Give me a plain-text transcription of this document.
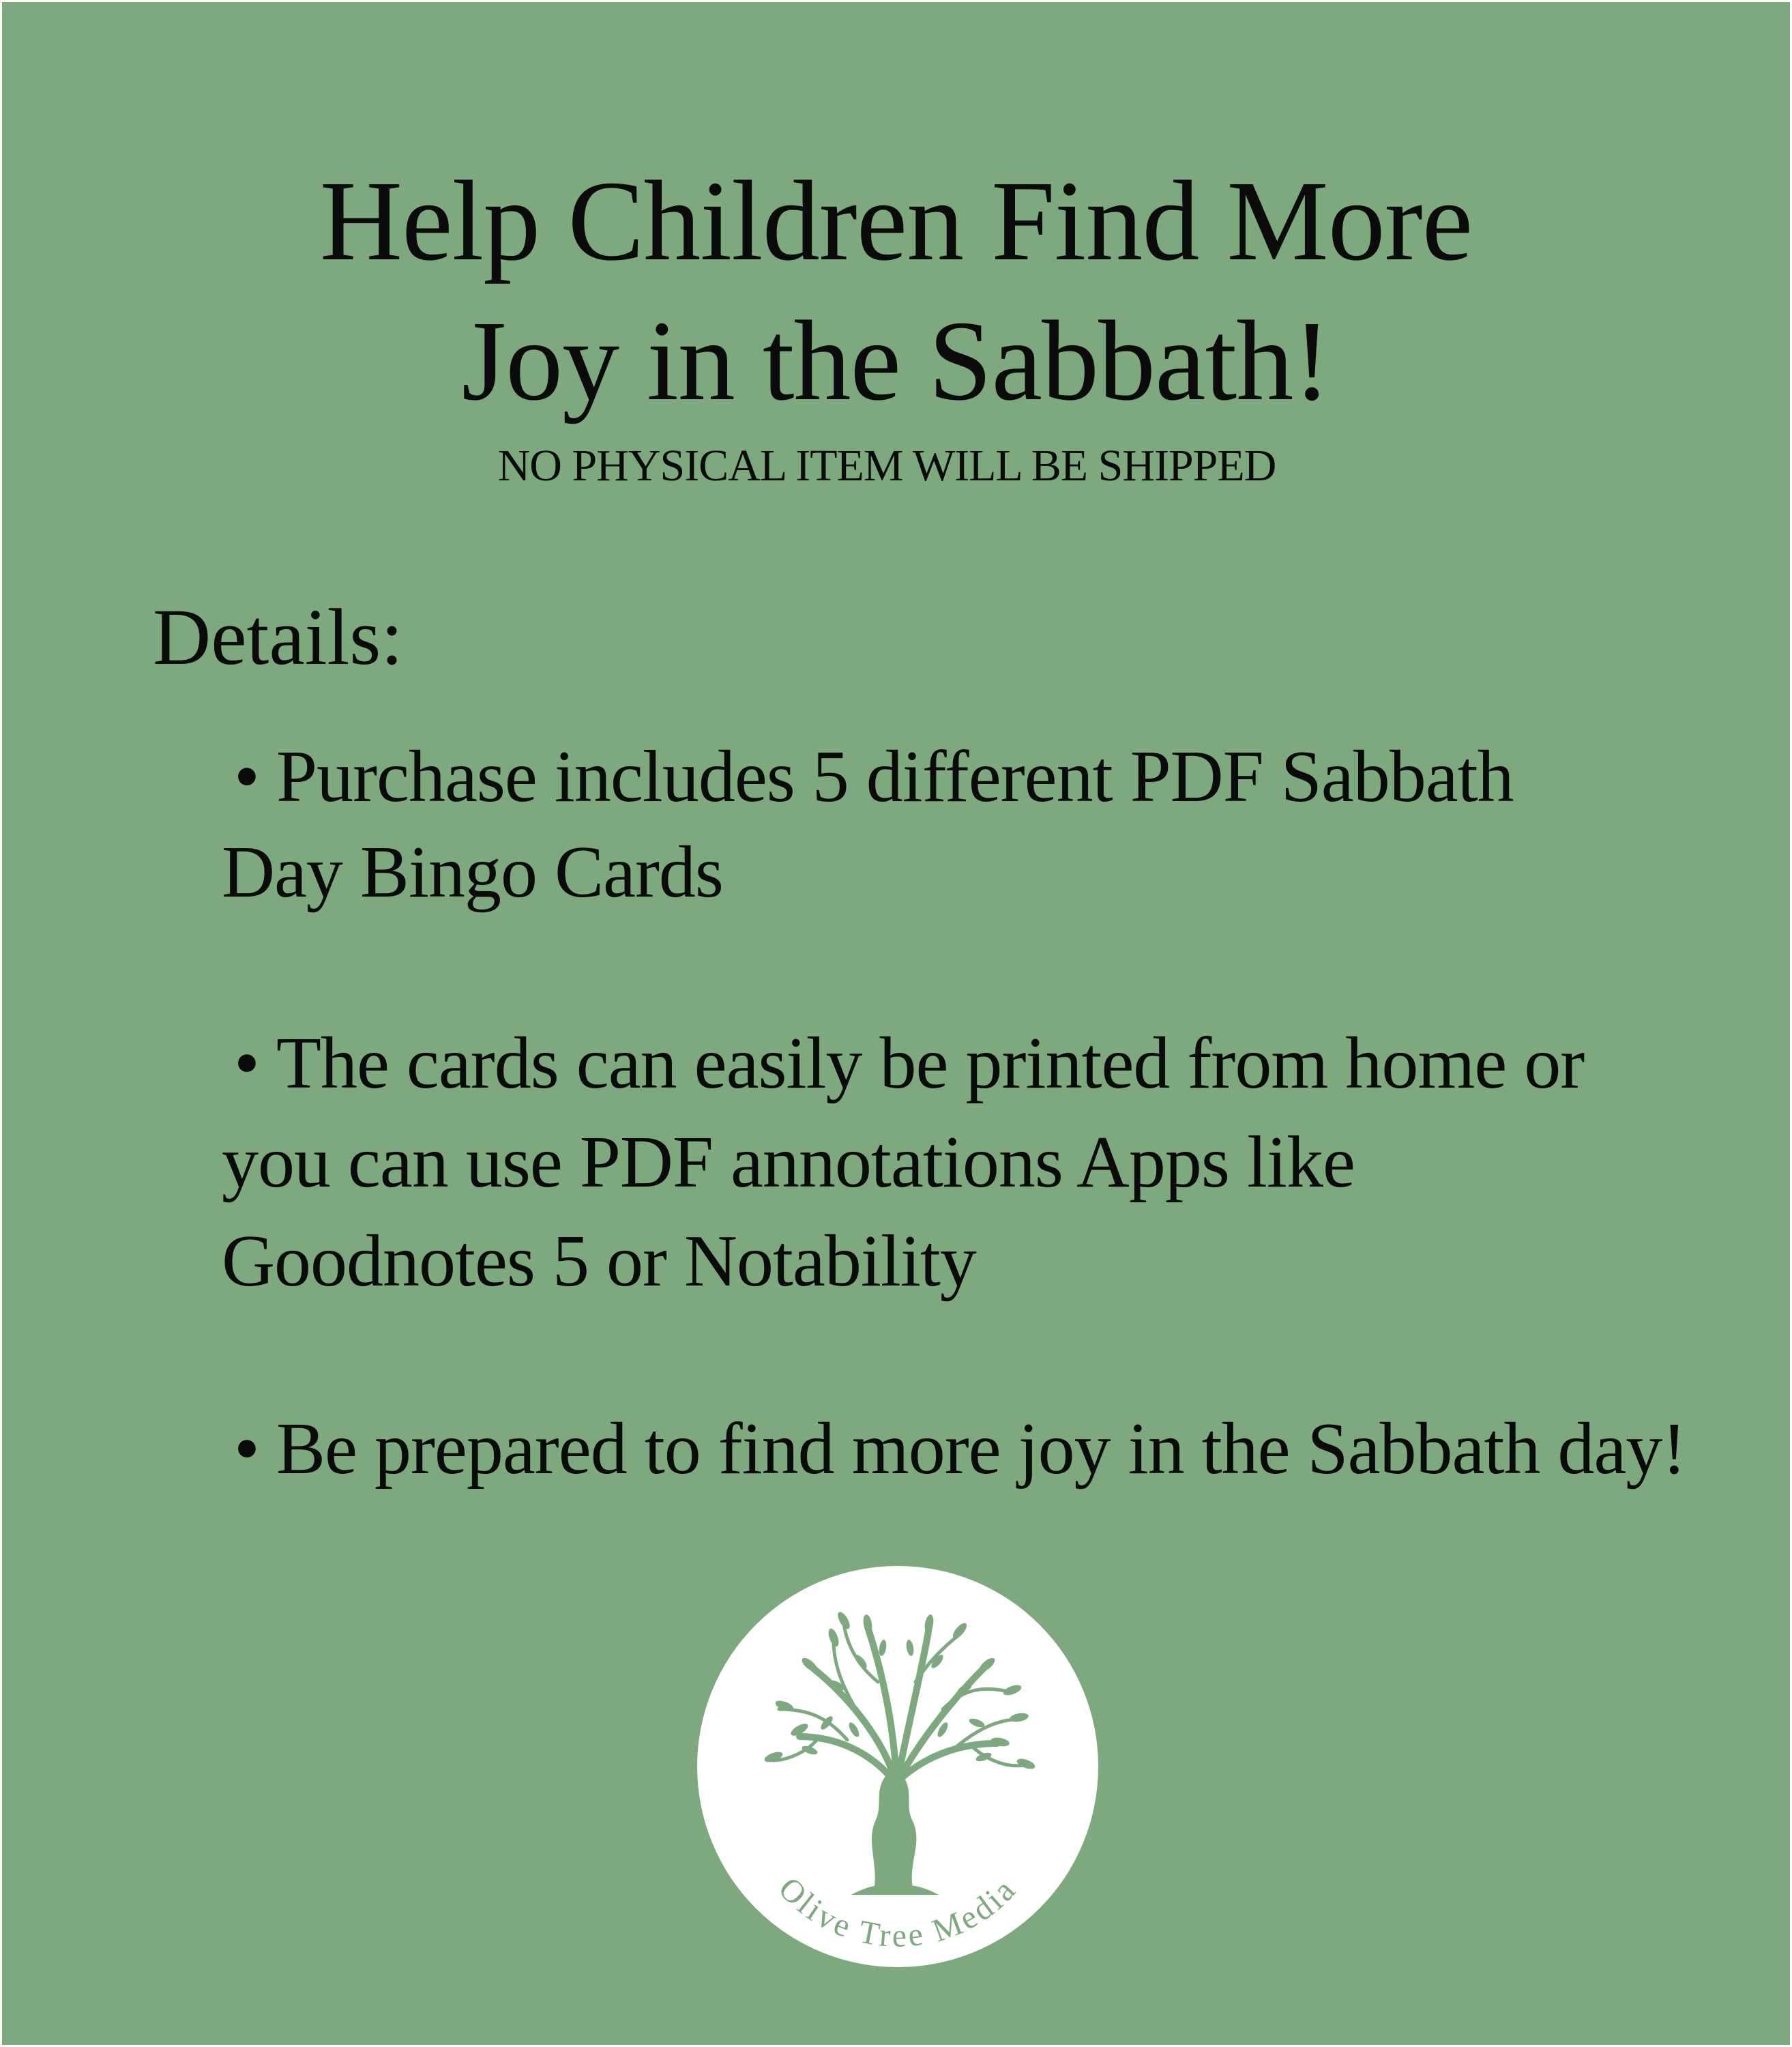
Help Children Find More
Joy in the Sabbath!
NO PHYSICAL ITEM WILL BE SHIPPED
Details:
• Purchase includes 5 different PDF Sabbath
Day Bingo Cards
• The cards can easily be printed from home or
you can use PDF annotations Apps like
Goodnotes 5 or Notability
• Be prepared to find more joy in the Sabbath day!
Olive Tree Media
